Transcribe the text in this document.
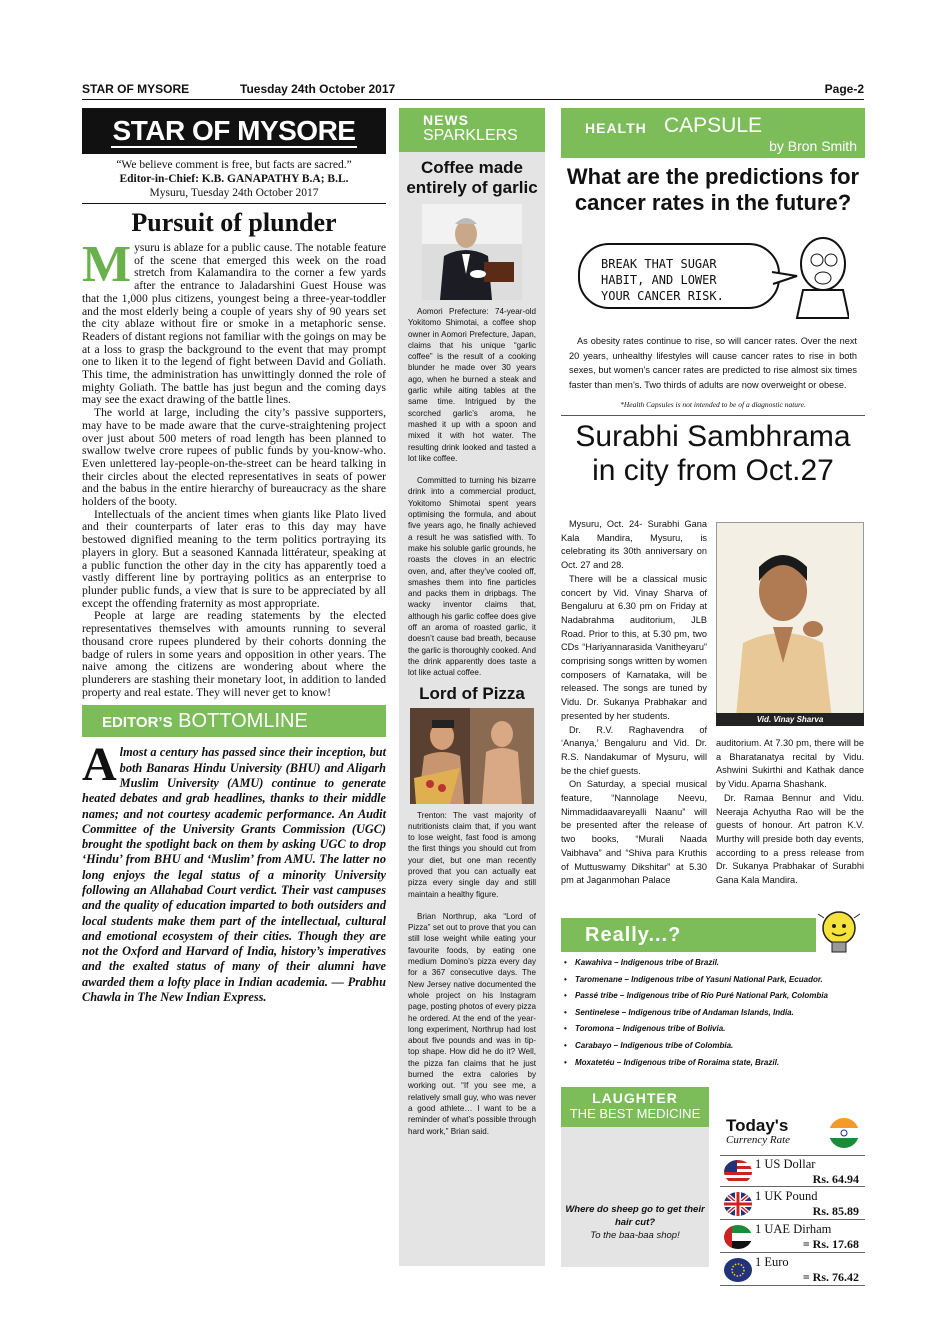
STAR OF MYSORE	Tuesday 24th October 2017	Page-2
STAR OF MYSORE
“We believe comment is free, but facts are sacred.”
Editor-in-Chief: K.B. GANAPATHY B.A; B.L.
Mysuru, Tuesday 24th October 2017
Pursuit of plunder

Mysuru is ablaze for a public cause. The notable feature of the scene that emerged this week on the road stretch from Kalamandira to the corner a few yards after the entrance to Jaladarshini Guest House was that the 1,000 plus citizens, youngest being a three-year-toddler and the most elderly being a couple of years shy of 90 years set the city ablaze without fire or smoke in a metaphoric sense. Readers of distant regions not familiar with the goings on may be at a loss to grasp the background to the event that may prompt one to liken it to the legend of fight between David and Goliath. This time, the administration has unwittingly donned the role of mighty Goliath. The battle has just begun and the coming days may see the exact drawing of the battle lines.

The world at large, including the city’s passive supporters, may have to be made aware that the curve-straightening project over just about 500 meters of road length has been planned to swallow twelve crore rupees of public funds by you-know-who. Even unlettered lay-people-on-the-street can be heard talking in their circles about the elected representatives in seats of power and the babus in the entire hierarchy of bureaucracy as the share holders of the booty.

Intellectuals of the ancient times when giants like Plato lived and their counterparts of later eras to this day may have bestowed dignified meaning to the term politics portraying its players in glory. But a seasoned Kannada littérateur, speaking at a public function the other day in the city has apparently toed a vastly different line by portraying politics as an enterprise to plunder public funds, a view that is sure to be appreciated by all except the offending fraternity as most appropriate.

People at large are reading statements by the elected representatives themselves with amounts running to several thousand crore rupees plundered by their cohorts donning the badge of rulers in some years and opposition in other years. The naive among the citizens are wondering about where the plunderers are stashing their monetary loot, in addition to landed property and real estate. They will never get to know!

EDITOR’S BOTTOMLINE
Almost a century has passed since their inception, but both Banaras Hindu University (BHU) and Aligarh Muslim University (AMU) continue to generate heated debates and grab headlines, thanks to their middle names; and not courtesy academic performance. An Audit Committee of the University Grants Commission (UGC) brought the spotlight back on them by asking UGC to drop ‘Hindu’ from BHU and ‘Muslim’ from AMU. The latter no long enjoys the legal status of a minority University following an Allahabad Court verdict. Their vast campuses and the quality of education imparted to both outsiders and local students make them part of the intellectual, cultural and emotional ecosystem of their cities. Though they are not the Oxford and Harvard of India, history’s imperatives and the exalted status of many of their alumni have awarded them a lofty place in Indian academia. — Prabhu Chawla in The New Indian Express.
NEWS
SPARKLERS
Coffee made entirely of garlic

Aomori Prefecture: 74-year-old Yokitomo Shimotai, a coffee shop owner in Aomori Prefecture, Japan, claims that his unique “garlic coffee” is the result of a cooking blunder he made over 30 years ago, when he burned a steak and garlic while aiting tables at the same time. Intrigued by the scorched garlic’s aroma, he mashed it up with a spoon and mixed it with hot water. The resulting drink looked and tasted a lot like coffee.

Committed to turning his bizarre drink into a commercial product, Yokitomo Shimotai spent years optimising the formula, and about five years ago, he finally achieved a result he was satisfied with. To make his soluble garlic grounds, he roasts the cloves in an electric oven, and, after they’ve cooled off, smashes them into fine particles and packs them in dripbags. The wacky inventor claims that, although his garlic coffee does give off an aroma of roasted garlic, it doesn’t cause bad breath, because the garlic is thoroughly cooked. And the drink apparently does taste a lot like actual coffee.

Lord of Pizza

Trenton: The vast majority of nutritionists claim that, if you want to lose weight, fast food is among the first things you should cut from your diet, but one man recently proved that you can actually eat pizza every single day and still maintain a healthy figure.

Brian Northrup, aka “Lord of Pizza” set out to prove that you can still lose weight while eating your favourite foods, by eating one medium Domino’s pizza every day for a 367 consecutive days. The New Jersey native documented the whole project on his Instagram page, posting photos of every pizza he ordered. At the end of the year-long experiment, Northrup had lost about five pounds and was in tip-top shape. How did he do it? Well, the pizza fan claims that he just burned the extra calories by working out. “If you see me, a relatively small guy, who was never a good athlete… I want to be a reminder of what’s possible through hard work,” Brian said.

HEALTH CAPSULE
by Bron Smith
What are the predictions for cancer rates in the future?
BREAK THAT SUGAR
HABIT, AND LOWER
YOUR CANCER RISK.
As obesity rates continue to rise, so will cancer rates. Over the next 20 years, unhealthy lifestyles will cause cancer rates to rise in both sexes, but women’s cancer rates are predicted to rise almost six times faster than men’s. Two thirds of adults are now overweight or obese.
*Health Capsules is not intended to be of a diagnostic nature.
Surabhi Sambhrama in city from Oct.27

Mysuru, Oct. 24- Surabhi Gana Kala Mandira, Mysuru, is celebrating its 30th anniversary on Oct. 27 and 28.

There will be a classical music concert by Vid. Vinay Sharva of Bengaluru at 6.30 pm on Friday at Nadabrahma auditorium, JLB Road. Prior to this, at 5.30 pm, two CDs “Hariyannarasida Vanitheyaru” comprising songs written by women composers of Karnataka, will be released. The songs are tuned by Vidu. Dr. Sukanya Prabhakar and presented by her students.

Dr. R.V. Raghavendra of ‘Ananya,’ Bengaluru and Vid. Dr. R.S. Nandakumar of Mysuru, will be the chief guests.

On Saturday, a special musical feature, “Nannolage Neevu, Nimmadidaavareyalli Naanu” will be presented after the release of two books, “Murali Naada Vaibhava” and “Shiva para Kruthis of Muttuswamy Dikshitar” at 5.30 pm at Jaganmohan Palace

Vid. Vinay Sharva

auditorium. At 7.30 pm, there will be a Bharatanatya recital by Vidu. Ashwini Sukirthi and Kathak dance by Vidu. Aparna Shashank.

Dr. Ramaa Bennur and Vidu. Neeraja Achyutha Rao will be the guests of honour. Art patron K.V. Murthy will preside both day events, according to a press release from Dr. Sukanya Prabhakar of Surabhi Gana Kala Mandira.

Really...?
• Kawahiva – Indigenous tribe of Brazil.
• Taromenane – Indigenous tribe of Yasuni National Park, Ecuador.
• Passé tribe – Indigenous tribe of Río Puré National Park, Colombia
• Sentinelese – Indigenous tribe of Andaman Islands, India.
• Toromona – Indigenous tribe of Bolivia.
• Carabayo – Indigenous tribe of Colombia.
• Moxatetéu – Indigenous tribe of Roraima state, Brazil.
LAUGHTER
THE BEST MEDICINE
Where do sheep go to get their hair cut?
To the baa-baa shop!
Today's
Currency Rate
1 US Dollar
Rs. 64.94
1 UK Pound
Rs. 85.89
1 UAE Dirham
= Rs. 17.68
1 Euro
= Rs. 76.42
